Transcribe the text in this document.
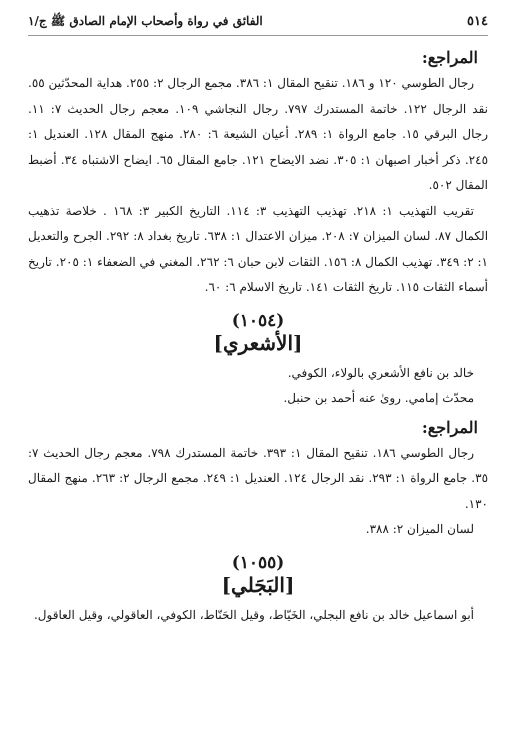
٥١٤
الفائق في رواة وأصحاب الإمام الصادق ﷺ ج/١
المراجع:

رجال الطوسي ١٢٠ و ١٨٦. تنقيح المقال ١: ٣٨٦. مجمع الرجال ٢: ٢٥٥. هداية المحدّثين ٥٥. نقد الرجال ١٢٢. خاتمة المستدرك ٧٩٧. رجال النجاشي ١٠٩. معجم رجال الحديث ٧: ١١. رجال البرقي ١٥. جامع الرواة ١: ٢٨٩. أعيان الشيعة ٦: ٢٨٠. منهج المقال ١٢٨. العنديل ١: ٢٤٥. ذكر أخبار اصبهان ١: ٣٠٥. نضد الايضاح ١٢١. جامع المقال ٦٥. ايضاح الاشتباه ٣٤. أضبط المقال ٥٠٢.

تقريب التهذيب ١: ٢١٨. تهذيب التهذيب ٣: ١١٤. التاريخ الكبير ٣: ١٦٨ . خلاصة تذهيب الكمال ٨٧. لسان الميزان ٧: ٢٠٨. ميزان الاعتدال ١: ٦٣٨. تاريخ بغداد ٨: ٢٩٢. الجرح والتعديل ١: ٢: ٣٤٩. تهذيب الكمال ٨: ١٥٦. الثقات لابن حبان ٦: ٢٦٢. المغني في الضعفاء ١: ٢٠٥. تاريخ أسماء الثقات ١١٥. تاريخ الثقات ١٤١. تاريخ الاسلام ٦: ٦٠.

(١٠٥٤)
[الأشعري]

خالد بن نافع الأشعري بالولاء، الكوفي.

محدّث إمامي. روىٰ عنه أحمد بن حنبل.

المراجع:

رجال الطوسي ١٨٦. تنقيح المقال ١: ٣٩٣. خاتمة المستدرك ٧٩٨. معجم رجال الحديث ٧: ٣٥. جامع الرواة ١: ٢٩٣. نقد الرجال ١٢٤. العنديل ١: ٢٤٩. مجمع الرجال ٢: ٢٦٣. منهج المقال ١٣٠.

لسان الميزان ٢: ٣٨٨.

(١٠٥٥)
[البَجَلي]

أبو اسماعيل خالد بن نافع البجلي، الخَيّاط، وقيل الحَنّاط، الكوفي، العاقولي، وقيل العاقول.
